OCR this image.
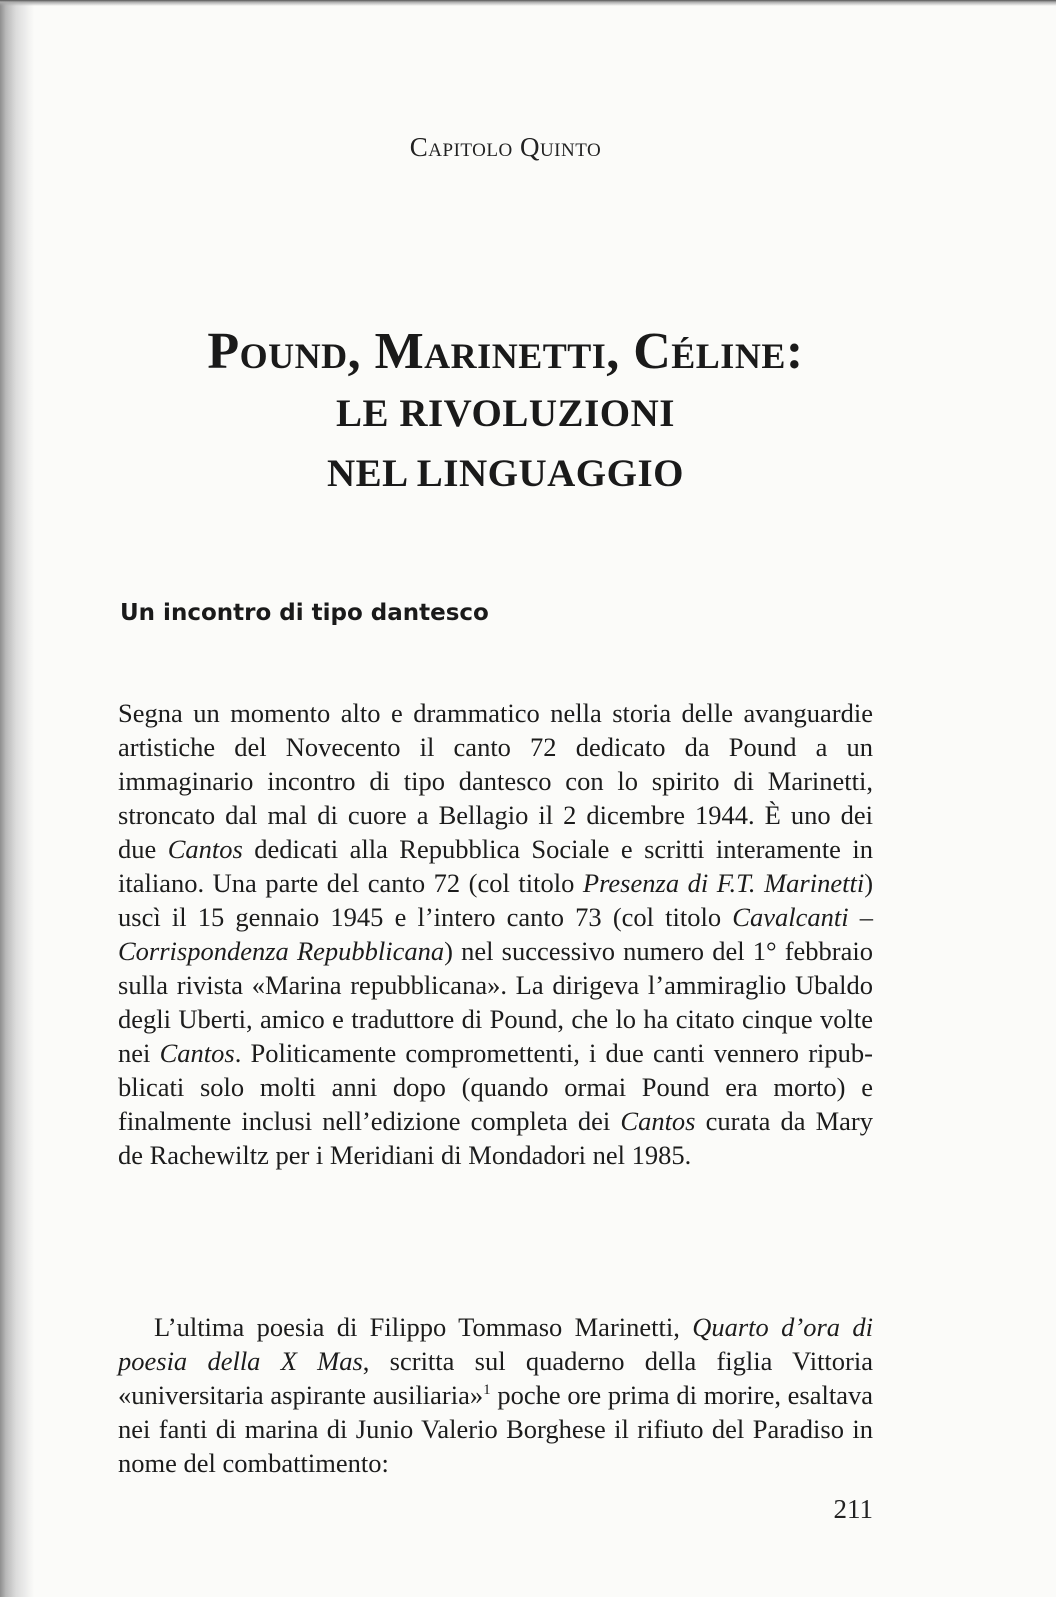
Capitolo Quinto
Pound, Marinetti, Céline:
LE RIVOLUZIONI
NEL LINGUAGGIO
Un incontro di tipo dantesco

Segna un momento alto e drammatico nella storia delle avanguardie artistiche del Novecento il canto 72 dedicato da Pound a un immaginario incontro di tipo dantesco con lo spirito di Marinetti, stroncato dal mal di cuore a Bellagio il 2 dicembre 1944. È uno dei due Cantos dedicati alla Repubblica Sociale e scritti interamente in italiano. Una parte del canto 72 (col titolo Presenza di F.T. Marinetti) uscì il 15 gennaio 1945 e l’intero canto 73 (col titolo Cavalcanti – Corrispondenza Repubblicana) nel successivo numero del 1° febbraio sulla rivista «Marina repubblicana». La dirigeva l’ammiraglio Ubaldo degli Uberti, amico e traduttore di Pound, che lo ha citato cinque volte nei Cantos. Politicamente compromettenti, i due canti vennero ripubblicati solo molti anni dopo (quando ormai Pound era morto) e finalmente inclusi nell’edizione completa dei Cantos curata da Mary de Rachewiltz per i Meridiani di Mondadori nel 1985.

L’ultima poesia di Filippo Tommaso Marinetti, Quarto d’ora di poesia della X Mas, scritta sul quaderno della figlia Vittoria «universitaria aspirante ausiliaria»$^1$ poche ore prima di morire, esaltava nei fanti di marina di Junio Valerio Borghese il rifiuto del Paradiso in nome del combattimento:

211
